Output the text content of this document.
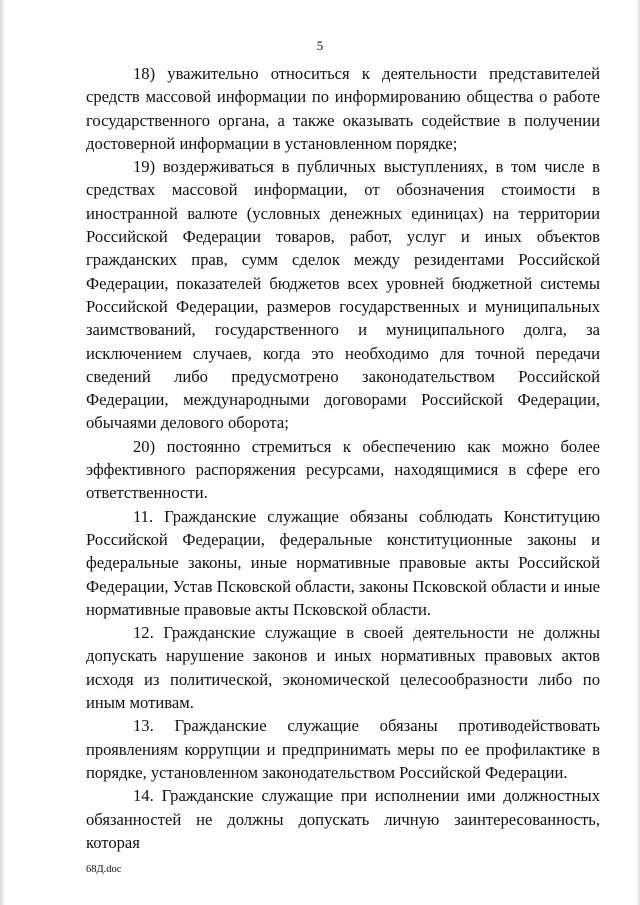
5

18) уважительно относиться к деятельности представителей средств массовой информации по информированию общества о работе государственного органа, а также оказывать содействие в получении достоверной информации в установленном порядке;

19) воздерживаться в публичных выступлениях, в том числе в средствах массовой информации, от обозначения стоимости в иностранной валюте (условных денежных единицах) на территории Российской Федерации товаров, работ, услуг и иных объектов гражданских прав, сумм сделок между резидентами Российской Федерации, показателей бюджетов всех уровней бюджетной системы Российской Федерации, размеров государственных и муниципальных заимствований, государственного и муниципального долга, за исключением случаев, когда это необходимо для точной передачи сведений либо предусмотрено законодательством Российской Федерации, международными договорами Российской Федерации, обычаями делового оборота;

20) постоянно стремиться к обеспечению как можно более эффективного распоряжения ресурсами, находящимися в сфере его ответственности.

11. Гражданские служащие обязаны соблюдать Конституцию Российской Федерации, федеральные конституционные законы и федеральные законы, иные нормативные правовые акты Российской Федерации, Устав Псковской области, законы Псковской области и иные нормативные правовые акты Псковской области.

12. Гражданские служащие в своей деятельности не должны допускать нарушение законов и иных нормативных правовых актов исходя из политической, экономической целесообразности либо по иным мотивам.

13. Гражданские служащие обязаны противодействовать проявлениям коррупции и предпринимать меры по ее профилактике в порядке, установленном законодательством Российской Федерации.

14. Гражданские служащие при исполнении ими должностных обязанностей не должны допускать личную заинтересованность, которая

68Д.doc
